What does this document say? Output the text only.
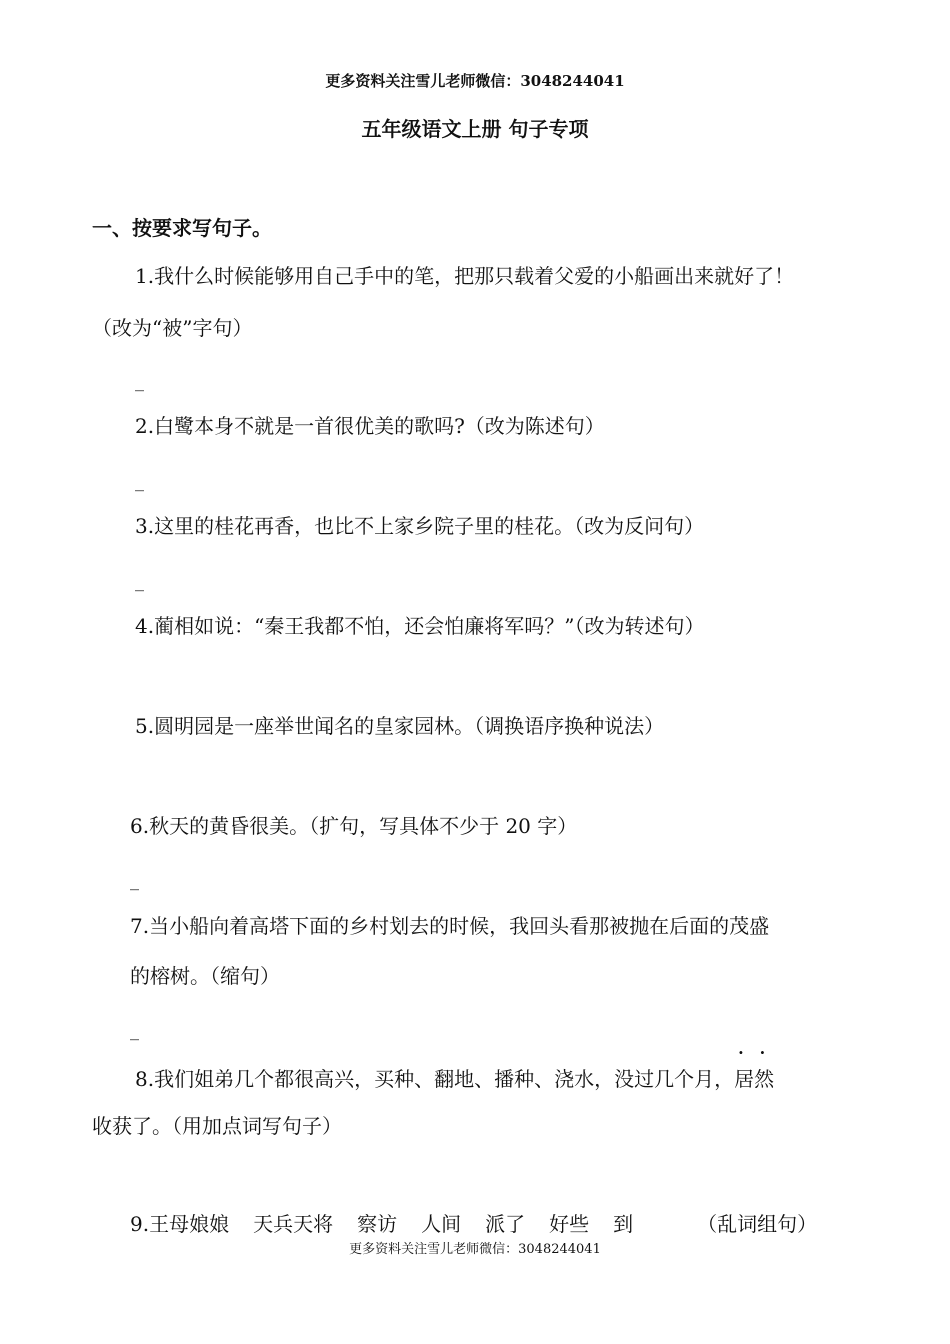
更多资料关注雪儿老师微信：3048244041
五年级语文上册 句子专项
一、按要求写句子。
1.我什么时候能够用自己手中的笔，把那只载着父爱的小船画出来就好了！
（改为“被”字句）
_
2.白鹭本身不就是一首很优美的歌吗?（改为陈述句）
_
3.这里的桂花再香，也比不上家乡院子里的桂花。（改为反问句）
_
4.蔺相如说：“秦王我都不怕，还会怕廉将军吗？”（改为转述句）
5.圆明园是一座举世闻名的皇家园林。（调换语序换种说法）
6.秋天的黄昏很美。（扩句，写具体不少于 20 字）
_
7.当小船向着高塔下面的乡村划去的时候，我回头看那被抛在后面的茂盛
的榕树。（缩句）
_
8.我们姐弟几个都很高兴，买种、翻地、播种、浇水，没过几个月，· · 居然
收获了。（用加点词写句子）
9.王母娘娘 天兵天将 察访 人间 派了 好些 到	（乱词组句）
更多资料关注雪儿老师微信：3048244041
